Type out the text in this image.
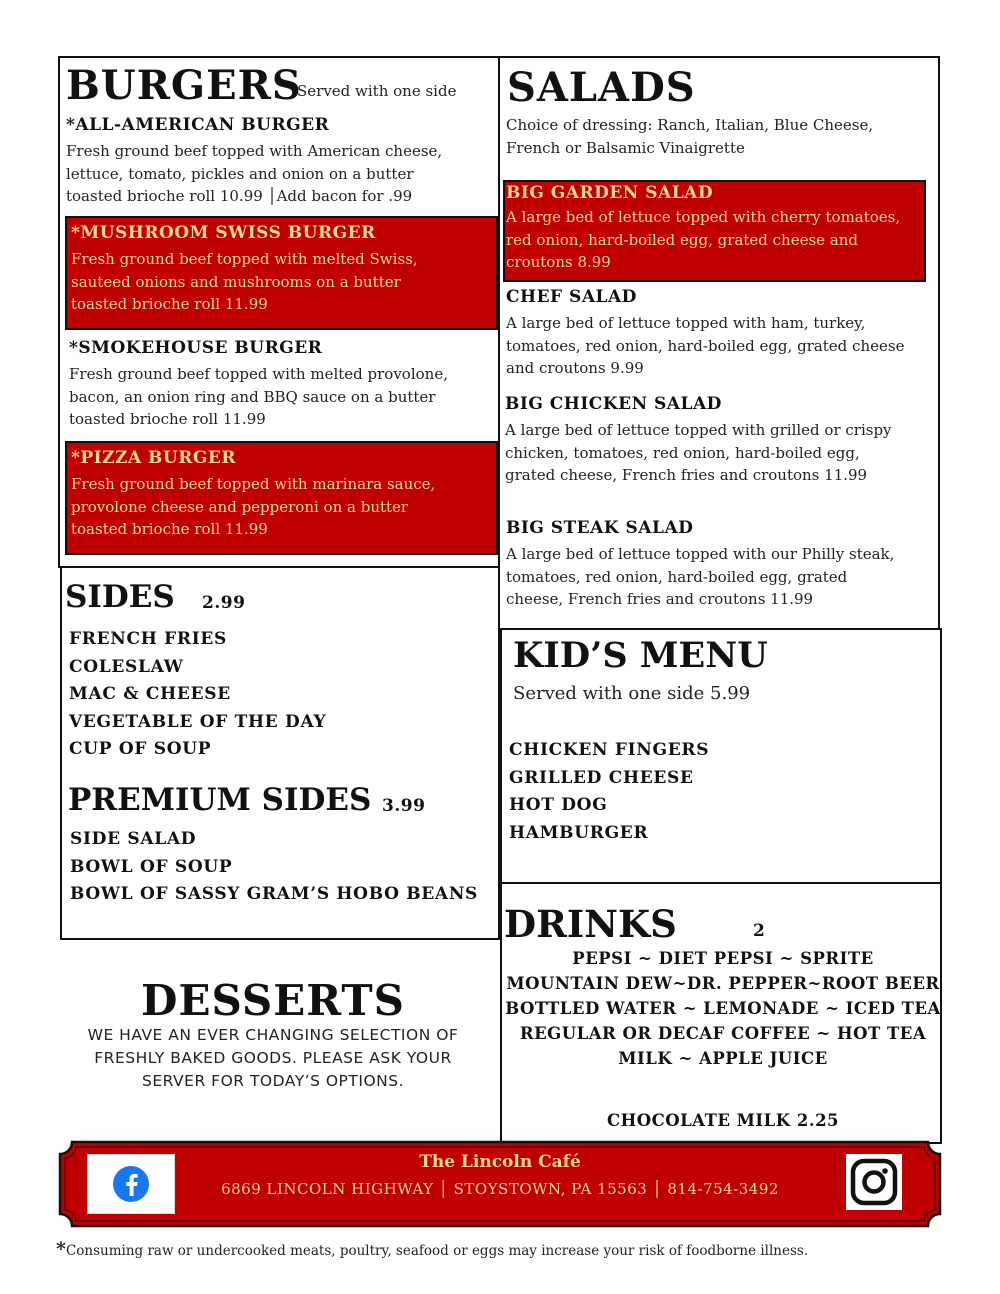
BURGERS
Served with one side
*ALL-AMERICAN BURGER
Fresh ground beef topped with American cheese,
lettuce, tomato, pickles and onion on a butter
toasted brioche roll 10.99 │Add bacon for .99
*MUSHROOM SWISS BURGER
Fresh ground beef topped with melted Swiss,
sauteed onions and mushrooms on a butter
toasted brioche roll 11.99
*SMOKEHOUSE BURGER
Fresh ground beef topped with melted provolone,
bacon, an onion ring and BBQ sauce on a butter
toasted brioche roll 11.99
*PIZZA BURGER
Fresh ground beef topped with marinara sauce,
provolone cheese and pepperoni on a butter
toasted brioche roll 11.99
SALADS
Choice of dressing: Ranch, Italian, Blue Cheese,
French or Balsamic Vinaigrette
BIG GARDEN SALAD
A large bed of lettuce topped with cherry tomatoes,
red onion, hard-boiled egg, grated cheese and
croutons 8.99
CHEF SALAD
A large bed of lettuce topped with ham, turkey,
tomatoes, red onion, hard-boiled egg, grated cheese
and croutons 9.99
BIG CHICKEN SALAD
A large bed of lettuce topped with grilled or crispy
chicken, tomatoes, red onion, hard-boiled egg,
grated cheese, French fries and croutons 11.99
BIG STEAK SALAD
A large bed of lettuce topped with our Philly steak,
tomatoes, red onion, hard-boiled egg, grated
cheese, French fries and croutons 11.99
SIDES 2.99
FRENCH FRIES
COLESLAW
MAC & CHEESE
VEGETABLE OF THE DAY
CUP OF SOUP
PREMIUM SIDES 3.99
SIDE SALAD
BOWL OF SOUP
BOWL OF SASSY GRAM’S HOBO BEANS
KID’S MENU
Served with one side 5.99
CHICKEN FINGERS
GRILLED CHEESE
HOT DOG
HAMBURGER
DESSERTS
WE HAVE AN EVER CHANGING SELECTION OF
FRESHLY BAKED GOODS. PLEASE ASK YOUR
SERVER FOR TODAY’S OPTIONS.
DRINKS	2
PEPSI ~ DIET PEPSI ~ SPRITE
MOUNTAIN DEW~DR. PEPPER~ROOT BEER
BOTTLED WATER ~ LEMONADE ~ ICED TEA
REGULAR OR DECAF COFFEE ~ HOT TEA
MILK ~ APPLE JUICE
CHOCOLATE MILK 2.25
The Lincoln Café
6869 LINCOLN HIGHWAY │ STOYSTOWN, PA 15563 │ 814-754-3492
*Consuming raw or undercooked meats, poultry, seafood or eggs may increase your risk of foodborne illness.
